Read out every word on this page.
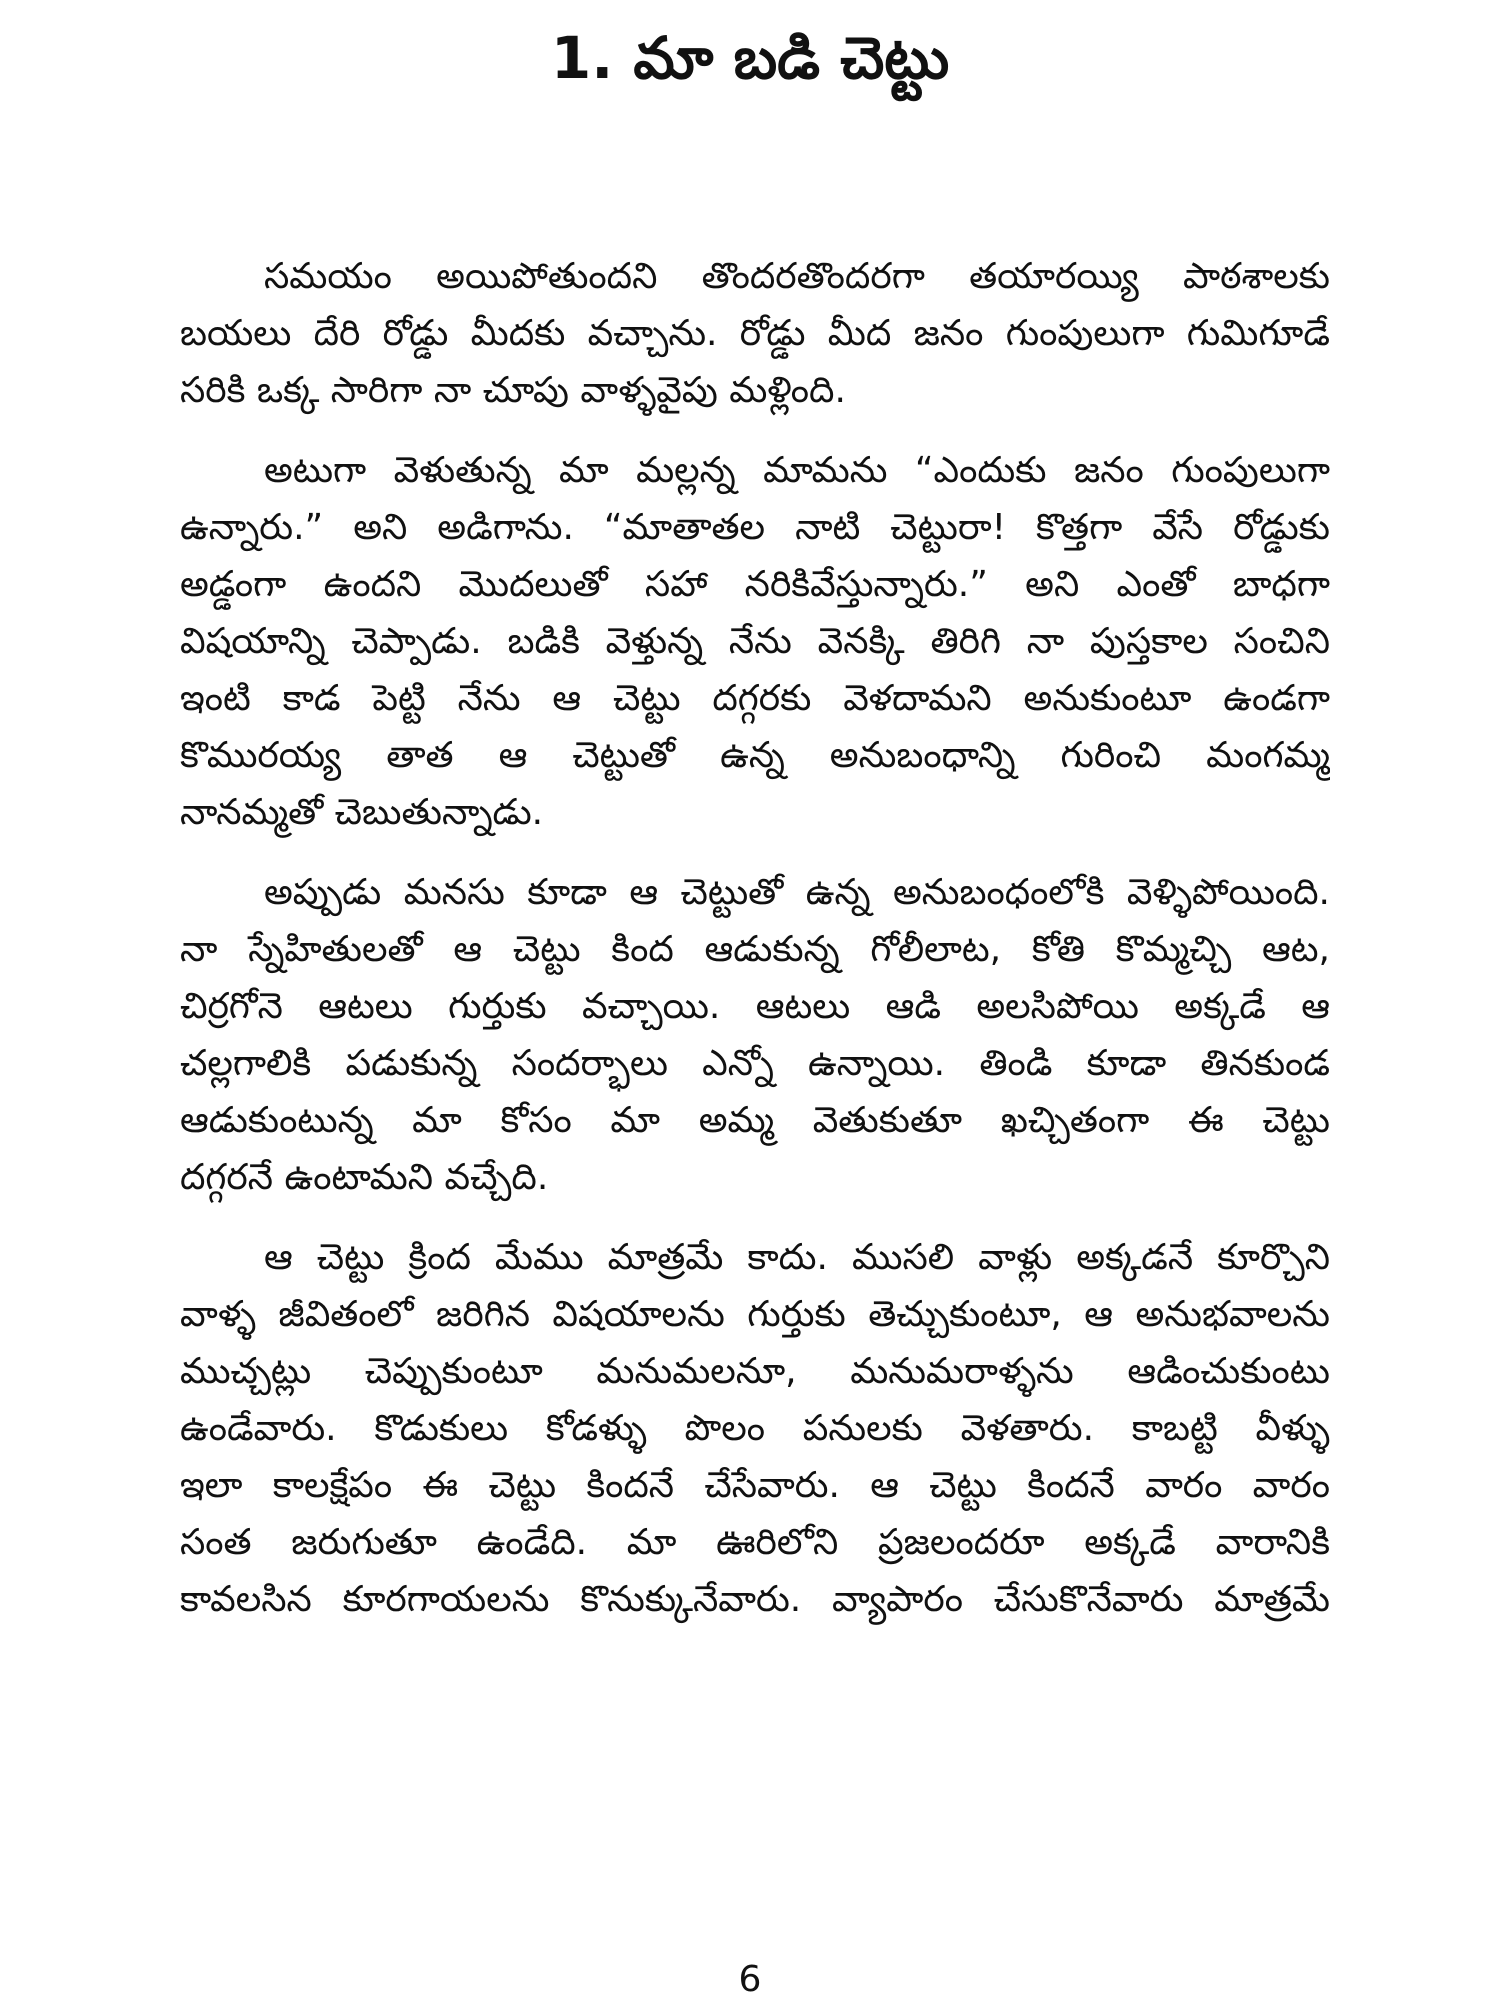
1. మా బడి చెట్టు

సమయం అయిపోతుందని తొందరతొందరగా తయారయ్యి పాఠశాలకు
బయలు దేరి రోడ్డు మీదకు వచ్చాను. రోడ్డు మీద జనం గుంపులుగా గుమిగూడే
సరికి ఒక్క సారిగా నా చూపు వాళ్ళవైపు మళ్లింది.

అటుగా వెళుతున్న మా మల్లన్న మామను “ఎందుకు జనం గుంపులుగా
ఉన్నారు.” అని అడిగాను. “మాతాతల నాటి చెట్టురా! కొత్తగా వేసే రోడ్డుకు
అడ్డంగా ఉందని మొదలుతో సహా నరికివేస్తున్నారు.” అని ఎంతో బాధగా
విషయాన్ని చెప్పాడు. బడికి వెళ్తున్న నేను వెనక్కి తిరిగి నా పుస్తకాల సంచిని
ఇంటి కాడ పెట్టి నేను ఆ చెట్టు దగ్గరకు వెళదామని అనుకుంటూ ఉండగా
కొమురయ్య తాత ఆ చెట్టుతో ఉన్న అనుబంధాన్ని గురించి మంగమ్మ
నానమ్మతో చెబుతున్నాడు.

అప్పుడు మనసు కూడా ఆ చెట్టుతో ఉన్న అనుబంధంలోకి వెళ్ళిపోయింది.
నా స్నేహితులతో ఆ చెట్టు కింద ఆడుకున్న గోలీలాట, కోతి కొమ్మచ్చి ఆట,
చిర్రగోనె ఆటలు గుర్తుకు వచ్చాయి. ఆటలు ఆడి అలసిపోయి అక్కడే ఆ
చల్లగాలికి పడుకున్న సందర్భాలు ఎన్నో ఉన్నాయి. తిండి కూడా తినకుండ
ఆడుకుంటున్న మా కోసం మా అమ్మ వెతుకుతూ ఖచ్చితంగా ఈ చెట్టు
దగ్గరనే ఉంటామని వచ్చేది.

ఆ చెట్టు క్రింద మేము మాత్రమే కాదు. ముసలి వాళ్లు అక్కడనే కూర్చొని
వాళ్ళ జీవితంలో జరిగిన విషయాలను గుర్తుకు తెచ్చుకుంటూ, ఆ అనుభవాలను
ముచ్చట్లు చెప్పుకుంటూ మనుమలనూ, మనుమరాళ్ళను ఆడించుకుంటు
ఉండేవారు. కొడుకులు కోడళ్ళు పొలం పనులకు వెళతారు. కాబట్టి వీళ్ళు
ఇలా కాలక్షేపం ఈ చెట్టు కిందనే చేసేవారు. ఆ చెట్టు కిందనే వారం వారం
సంత జరుగుతూ ఉండేది. మా ఊరిలోని ప్రజలందరూ అక్కడే వారానికి
కావలసిన కూరగాయలను కొనుక్కునేవారు. వ్యాపారం చేసుకొనేవారు మాత్రమే

6
